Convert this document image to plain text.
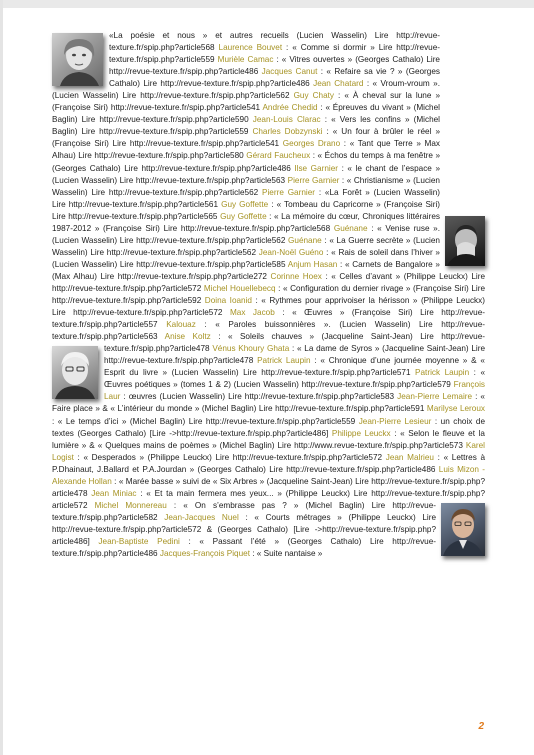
«La poésie et nous » et autres recueils (Lucien Wasselin) Lire http://revue-texture.fr/spip.php?article568 Laurence Bouvet : « Comme si dormir » Lire http://revue-texture.fr/spip.php?article559 Murièle Camac : « Vitres ouvertes » (Georges Cathalo) Lire http://revue-texture.fr/spip.php?article486 Jacques Canut : « Refaire sa vie ? » (Georges Cathalo) Lire http://revue-texture.fr/spip.php?article486 Jean Chatard : « Vroum-vroum ». (Lucien Wasselin) Lire http://revue-texture.fr/spip.php?article562 Guy Chaty : « À cheval sur la lune » (Françoise Siri) http://revue-texture.fr/spip.php?article541 Andrée Chedid : « Épreuves du vivant » (Michel Baglin) Lire http://revue-texture.fr/spip.php?article590 Jean-Louis Clarac : « Vers les confins » (Michel Baglin) Lire http://revue-texture.fr/spip.php?article559 Charles Dobzynski : « Un four à brûler le réel » (Françoise Siri) Lire http://revue-texture.fr/spip.php?article541 Georges Drano : « Tant que Terre » Max Alhau) Lire http://revue-texture.fr/spip.php?article580 Gérard Faucheux : « Échos du temps à ma fenêtre » (Georges Cathalo) Lire http://revue-texture.fr/spip.php?article486 Ilse Garnier : « le chant de l’espace » (Lucien Wasselin) Lire http://revue-texture.fr/spip.php?article563 Pierre Garnier : « Christianisme » (Lucien Wasselin) Lire http://revue-texture.fr/spip.php?article562 Pierre Garnier : «La Forêt » (Lucien Wasselin) Lire http://revue-texture.fr/spip.php?article561 Guy Goffette : « Tombeau du Capricorne » (Françoise Siri) Lire http://revue-texture.fr/spip.php?article565 Guy Goffette : « La mémoire du cœur, Chroniques littéraires 1987-2012 » (Françoise Siri) Lire http://revue-texture.fr/spip.php?article568 Guénane : « Venise ruse ». (Lucien Wasselin) Lire http://revue-texture.fr/spip.php?article562 Guénane : « La Guerre secrète » (Lucien Wasselin) Lire http://revue-texture.fr/spip.php?article562 Jean-Noël Guéno : « Rais de soleil dans l’hiver » (Lucien Wasselin) Lire http://revue-texture.fr/spip.php?article585 Anjum Hasan : « Carnets de Bangalore » (Max Alhau) Lire http://revue-texture.fr/spip.php?article272 Corinne Hoex : « Celles d’avant » (Philippe Leuckx) Lire http://revue-texture.fr/spip.php?article572 Michel Houellebecq : « Configuration du dernier rivage » (Françoise Siri) Lire http://revue-texture.fr/spip.php?article592 Doina Ioanid : « Rythmes pour apprivoiser la hérisson » (Philippe Leuckx) Lire http://revue-texture.fr/spip.php?article572 Max Jacob : « Œuvres » (Françoise Siri) Lire http://revue-texture.fr/spip.php?article557 Kalouaz : « Paroles buissonnières ». (Lucien Wasselin) Lire http://revue-texture.fr/spip.php?article563 Anise Koltz : « Soleils chauves » (Jacqueline Saint-Jean) Lire http://revue-texture.fr/spip.php?article478
Vénus Khoury Ghata : « La dame de Syros » (Jacqueline Saint-Jean) Lire http://revue-texture.fr/spip.php?article478 Patrick Laupin : « Chronique d’une journée moyenne » & « Esprit du livre » (Lucien Wasselin) Lire http://revue-texture.fr/spip.php?article571 Patrick Laupin : « Œuvres poétiques » (tomes 1 & 2) (Lucien Wasselin) http://revue-texture.fr/spip.php?article579 François Laur : œuvres (Lucien Wasselin) Lire http://revue-texture.fr/spip.php?article583 Jean-Pierre Lemaire : « Faire place » & « L’intérieur du monde » (Michel Baglin) Lire http://revue-texture.fr/spip.php?article591 Marilyse Leroux : « Le temps d’ici » (Michel Baglin) Lire http://revue-texture.fr/spip.php?article559 Jean-Pierre Lesieur : un choix de textes (Georges Cathalo) [Lire ->http://revue-texture.fr/spip.php?article486] Philippe Leuckx : « Selon le fleuve et la lumière » & « Quelques mains de poèmes » (Michel Baglin) Lire http://www.revue-texture.fr/spip.php?article573 Karel Logist : « Desperados » (Philippe Leuckx) Lire http://revue-texture.fr/spip.php?article572 Jean Malrieu : « Lettres à P.Dhainaut, J.Ballard et P.A.Jourdan » (Georges Cathalo) Lire http://revue-texture.fr/spip.php?article486 Luis Mizon - Alexande Hollan : « Marée basse » suivi de « Six Arbres » (Jacqueline Saint-Jean) Lire http://revue-texture.fr/spip.php?article478 Jean Miniac : « Et ta main fermera mes yeux... » (Philippe Leuckx) Lire http://revue-texture.fr/spip.php?article572
Michel Monnereau : « On s’embrasse pas ? » (Michel Baglin) Lire http://revue-texture.fr/spip.php?article582 Jean-Jacques Nuel : « Courts métrages » (Philippe Leuckx) Lire http://revue-texture.fr/spip.php?article572 & (Georges Cathalo) [Lire ->http://revue-texture.fr/spip.php?article486] Jean-Baptiste Pedini : « Passant l’été » (Georges Cathalo) Lire http://revue-texture.fr/spip.php?article486 Jacques-François Piquet : « Suite nantaise »
2
